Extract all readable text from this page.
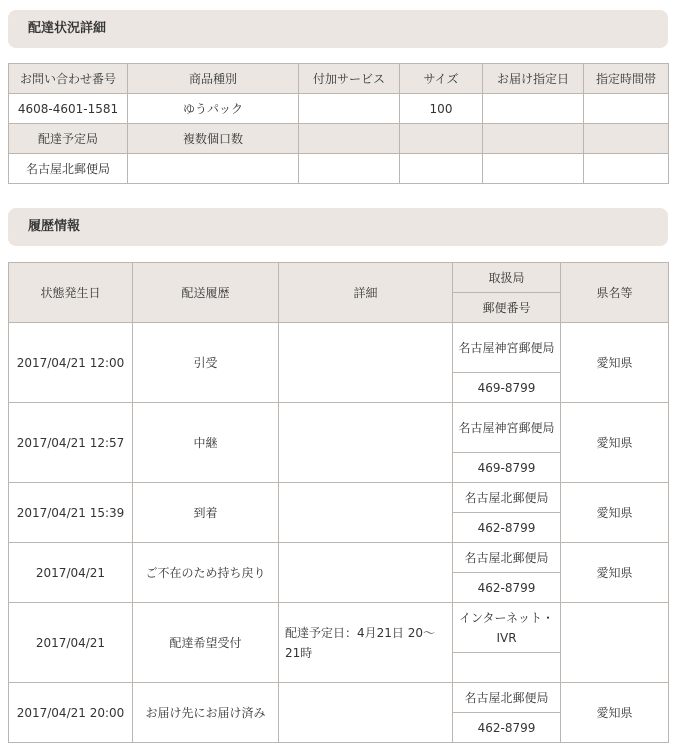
配達状況詳細
お問い合わせ番号	商品種別	付加サービス	サイズ	お届け指定日	指定時間帯
4608-4601-1581	ゆうパック		100		
配達予定局	複数個口数				
名古屋北郵便局					
履歴情報
状態発生日	配送履歴	詳細	取扱局	県名等
			郵便番号	
2017/04/21 12:00	引受		名古屋神宮郵便局	愛知県
			469-8799	
2017/04/21 12:57	中継		名古屋神宮郵便局	愛知県
			469-8799	
2017/04/21 15:39	到着		名古屋北郵便局	愛知県
			462-8799	
2017/04/21	ご不在のため持ち戻り		名古屋北郵便局	愛知県
			462-8799	
2017/04/21	配達希望受付	配達予定日：4月21日 20～21時	インターネット・IVR	

2017/04/21 20:00	お届け先にお届け済み		名古屋北郵便局	愛知県
			462-8799	
